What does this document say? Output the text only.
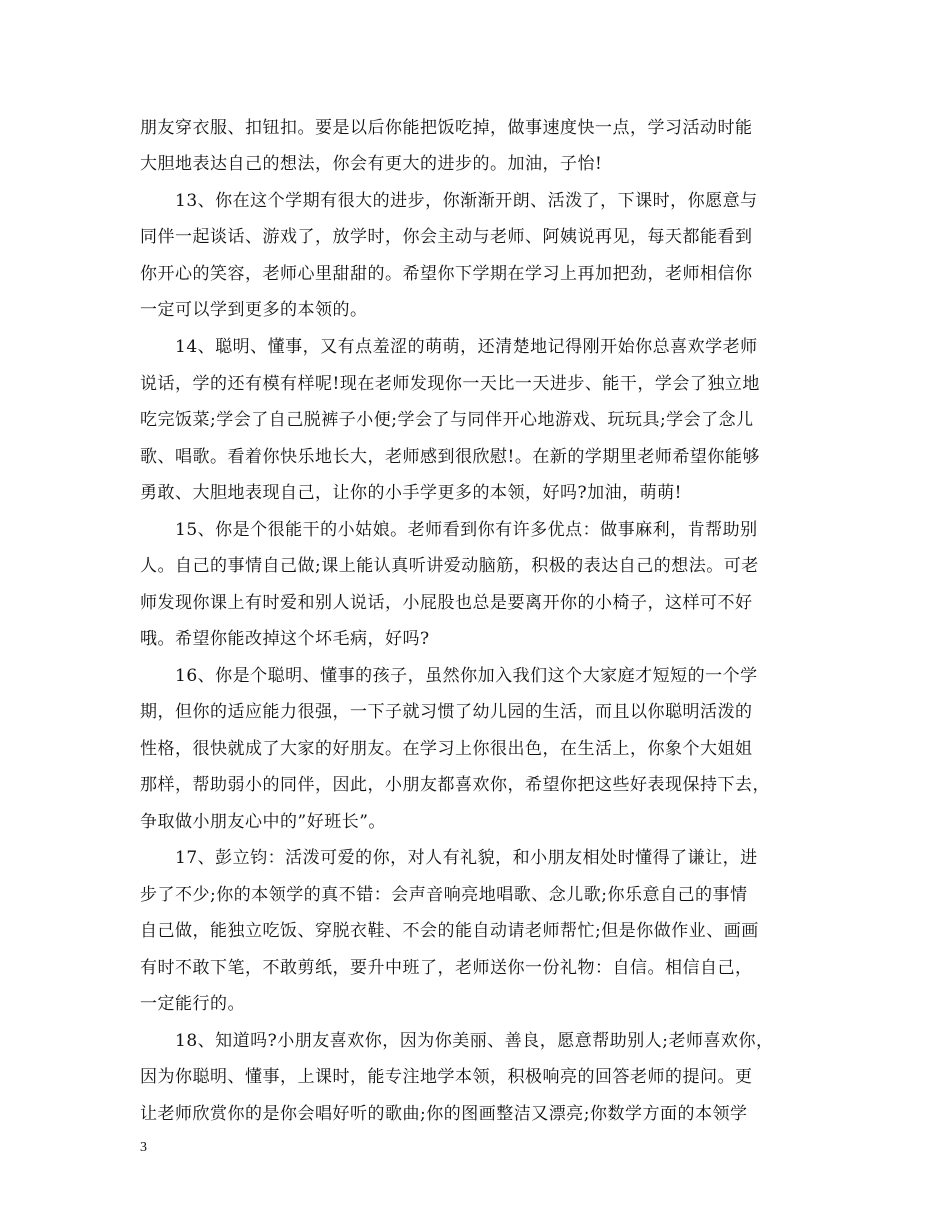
朋友穿衣服、扣钮扣。要是以后你能把饭吃掉，做事速度快一点，学习活动时能
大胆地表达自己的想法，你会有更大的进步的。加油，子怡!
　　13、你在这个学期有很大的进步，你渐渐开朗、活泼了，下课时，你愿意与
同伴一起谈话、游戏了，放学时，你会主动与老师、阿姨说再见，每天都能看到
你开心的笑容，老师心里甜甜的。希望你下学期在学习上再加把劲，老师相信你
一定可以学到更多的本领的。
　　14、聪明、懂事，又有点羞涩的萌萌，还清楚地记得刚开始你总喜欢学老师
说话，学的还有模有样呢!现在老师发现你一天比一天进步、能干，学会了独立地
吃完饭菜;学会了自己脱裤子小便;学会了与同伴开心地游戏、玩玩具;学会了念儿
歌、唱歌。看着你快乐地长大，老师感到很欣慰!。在新的学期里老师希望你能够
勇敢、大胆地表现自己，让你的小手学更多的本领，好吗?加油，萌萌!
　　15、你是个很能干的小姑娘。老师看到你有许多优点：做事麻利，肯帮助别
人。自己的事情自己做;课上能认真听讲爱动脑筋，积极的表达自己的想法。可老
师发现你课上有时爱和别人说话，小屁股也总是要离开你的小椅子，这样可不好
哦。希望你能改掉这个坏毛病，好吗?
　　16、你是个聪明、懂事的孩子，虽然你加入我们这个大家庭才短短的一个学
期，但你的适应能力很强，一下子就习惯了幼儿园的生活，而且以你聪明活泼的
性格，很快就成了大家的好朋友。在学习上你很出色，在生活上，你象个大姐姐
那样，帮助弱小的同伴，因此，小朋友都喜欢你，希望你把这些好表现保持下去，
争取做小朋友心中的”好班长”。
　　17、彭立钧：活泼可爱的你，对人有礼貌，和小朋友相处时懂得了谦让，进
步了不少;你的本领学的真不错：会声音响亮地唱歌、念儿歌;你乐意自己的事情
自己做，能独立吃饭、穿脱衣鞋、不会的能自动请老师帮忙;但是你做作业、画画
有时不敢下笔，不敢剪纸，要升中班了，老师送你一份礼物：自信。相信自己，
一定能行的。
　　18、知道吗?小朋友喜欢你，因为你美丽、善良，愿意帮助别人;老师喜欢你，
因为你聪明、懂事，上课时，能专注地学本领，积极响亮的回答老师的提问。更
让老师欣赏你的是你会唱好听的歌曲;你的图画整洁又漂亮;你数学方面的本领学
3
